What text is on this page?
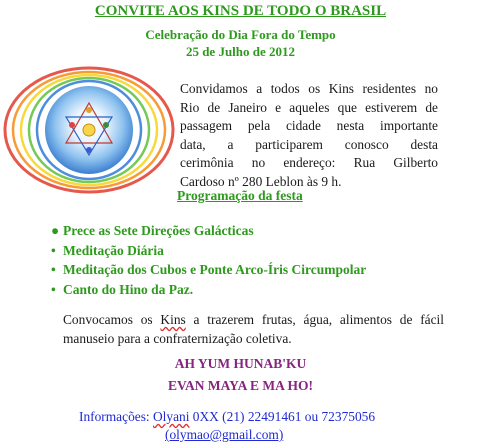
CONVITE AOS KINS DE TODO O BRASIL
Celebração do Dia Fora do Tempo
25 de Julho de 2012
Convidamos a todos os Kins residentes no
Rio de Janeiro e aqueles que estiverem de
passagem pela cidade nesta importante
data, a participarem conosco desta
cerimônia no endereço: Rua Gilberto
Cardoso nº 280 Leblon às 9 h.
Programação da festa
● Prece as Sete Direções Galácticas
• Meditação Diária
• Meditação dos Cubos e Ponte Arco-Íris Circumpolar
• Canto do Hino da Paz.
Convocamos os Kins a trazerem frutas, água, alimentos de fácil
manuseio para a confraternização coletiva.
AH YUM HUNAB'KU
EVAN MAYA E MA HO!
Informações: Olyani 0XX (21) 22491461 ou 72375056
(olymao@gmail.com)
